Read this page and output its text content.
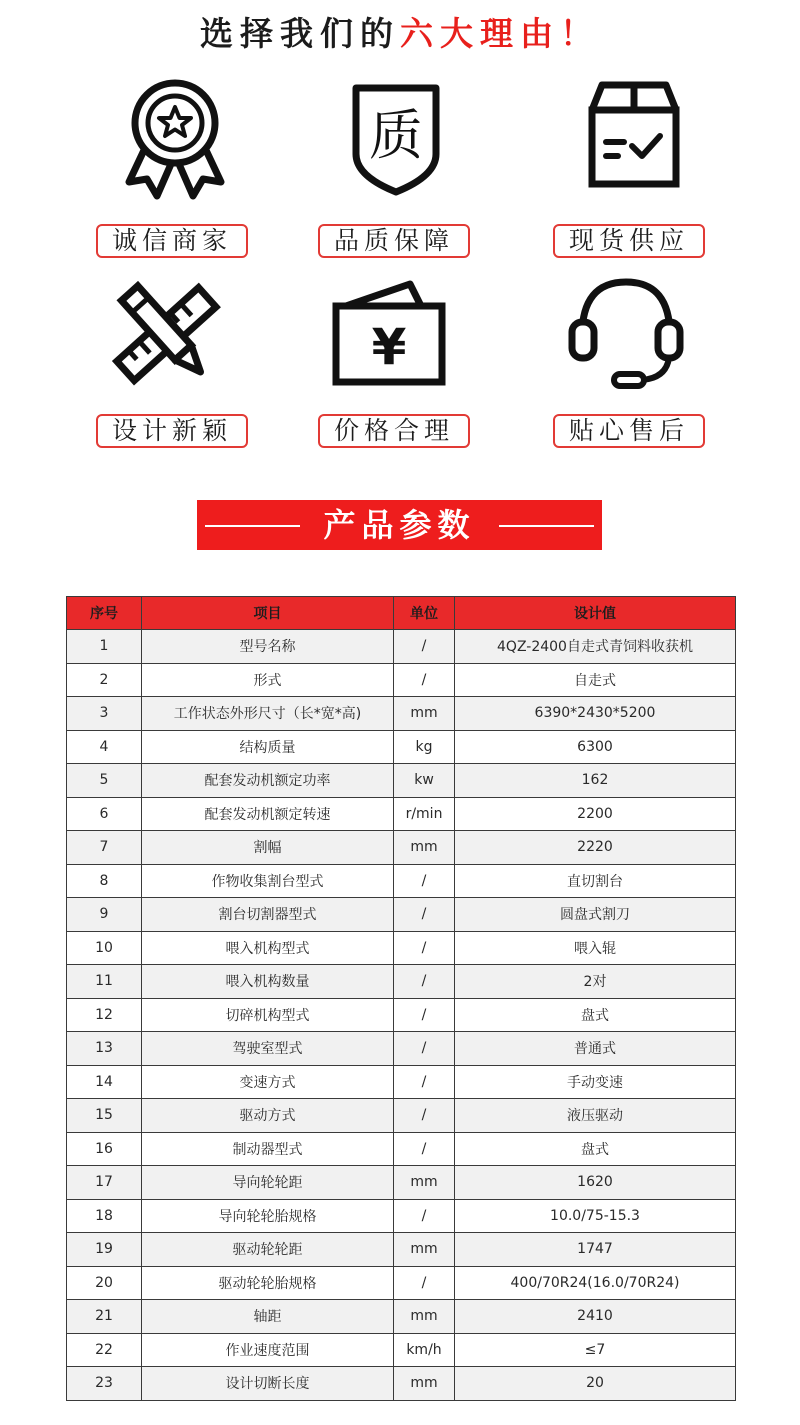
选择我们的六大理由！
质
诚信商家	品质保障	现货供应
¥
设计新颖	价格合理	贴心售后
产品参数
序号	项目	单位	设计值
1	型号名称	/	4QZ-2400自走式青饲料收获机
2	形式	/	自走式
3	工作状态外形尺寸（长*宽*高)	mm	6390*2430*5200
4	结构质量	kg	6300
5	配套发动机额定功率	kw	162
6	配套发动机额定转速	r/min	2200
7	割幅	mm	2220
8	作物收集割台型式	/	直切割台
9	割台切割器型式	/	圆盘式割刀
10	喂入机构型式	/	喂入辊
11	喂入机构数量	/	2对
12	切碎机构型式	/	盘式
13	驾驶室型式	/	普通式
14	变速方式	/	手动变速
15	驱动方式	/	液压驱动
16	制动器型式	/	盘式
17	导向轮轮距	mm	1620
18	导向轮轮胎规格	/	10.0/75-15.3
19	驱动轮轮距	mm	1747
20	驱动轮轮胎规格	/	400/70R24(16.0/70R24)
21	轴距	mm	2410
22	作业速度范围	km/h	≤7
23	设计切断长度	mm	20
